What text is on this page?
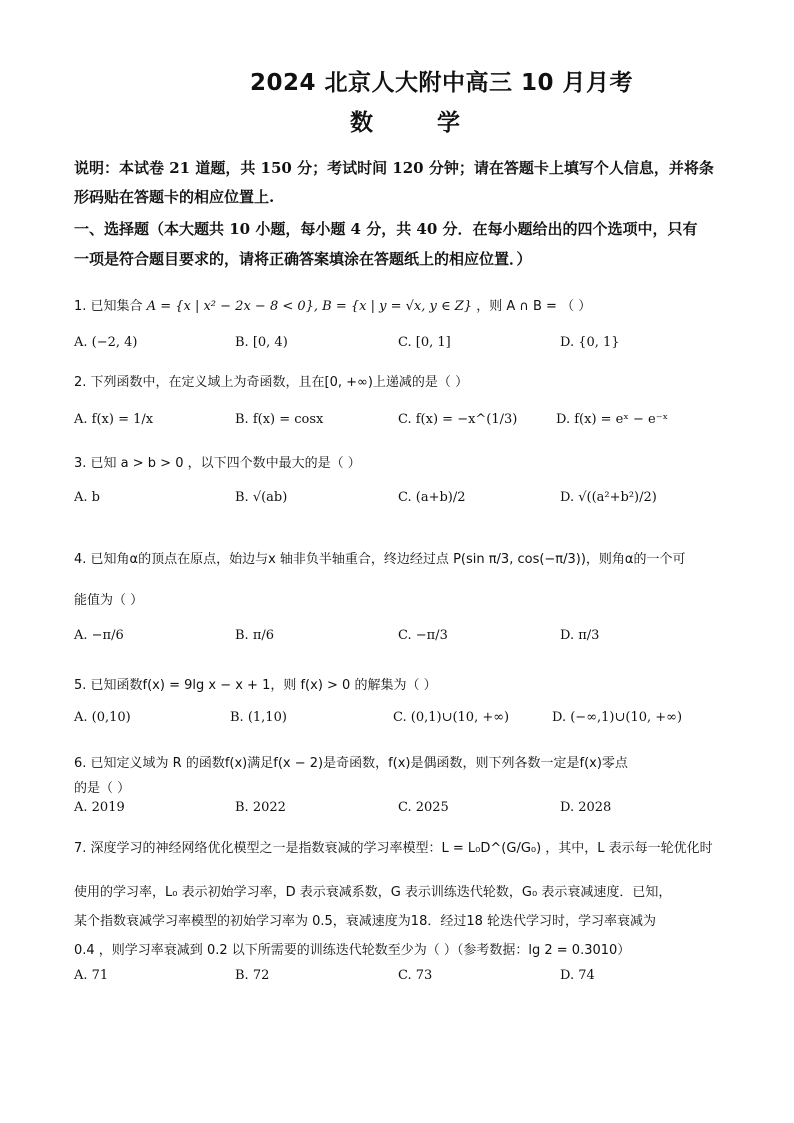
2024 北京人大附中高三 10 月月考
数 学
说明：本试卷 21 道题，共 150 分；考试时间 120 分钟；请在答题卡上填写个人信息，并将条
形码贴在答题卡的相应位置上.
一、选择题（本大题共 10 小题，每小题 4 分，共 40 分．在每小题给出的四个选项中，只有
一项是符合题目要求的，请将正确答案填涂在答题纸上的相应位置．）
1. 已知集合 A = {x | x² − 2x − 8 < 0}, B = {x | y = √x, y ∈ Z} ，则 A ∩ B = （ ）
A. (−2, 4)	B. [0, 4)	C. [0, 1]	D. {0, 1}
2. 下列函数中，在定义域上为奇函数，且在[0, +∞)上递减的是（ ）
A. f(x) = 1/x	B. f(x) = cosx	C. f(x) = −x^(1/3)	D. f(x) = eˣ − e⁻ˣ
3. 已知 a > b > 0 ，以下四个数中最大的是（ ）
A. b	B. √(ab)	C. (a+b)/2	D. √((a²+b²)/2)
4. 已知角α的顶点在原点，始边与x 轴非负半轴重合，终边经过点 P(sin π/3, cos(−π/3))，则角α的一个可
能值为（ ）
A. −π/6	B. π/6	C. −π/3	D. π/3
5. 已知函数f(x) = 9lg x − x + 1，则 f(x) > 0 的解集为（ ）
A. (0,10)	B. (1,10)	C. (0,1)∪(10, +∞)	D. (−∞,1)∪(10, +∞)
6. 已知定义域为 R 的函数f(x)满足f(x − 2)是奇函数，f(x)是偶函数，则下列各数一定是f(x)零点
的是（ ）
A. 2019	B. 2022	C. 2025	D. 2028
7. 深度学习的神经网络优化模型之一是指数衰减的学习率模型：L = L₀D^(G/G₀) ，其中，L 表示每一轮优化时
使用的学习率，L₀ 表示初始学习率，D 表示衰减系数，G 表示训练迭代轮数，G₀ 表示衰减速度．已知，
某个指数衰减学习率模型的初始学习率为 0.5，衰减速度为18．经过18 轮迭代学习时，学习率衰减为
0.4 ，则学习率衰减到 0.2 以下所需要的训练迭代轮数至少为（ ）（参考数据：lg 2 = 0.3010）
A. 71	B. 72	C. 73	D. 74
